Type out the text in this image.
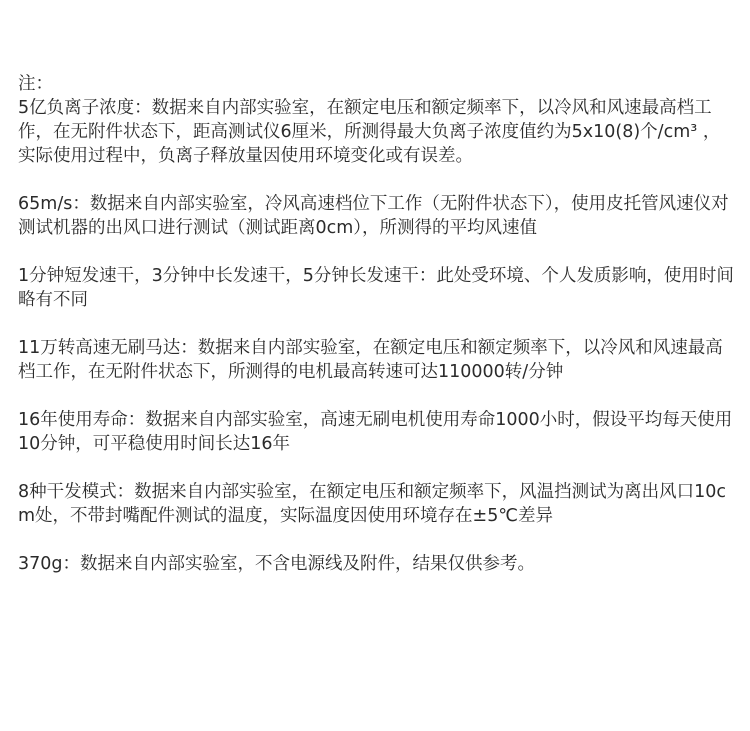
注：

5亿负离子浓度：数据来自内部实验室，在额定电压和额定频率下，以冷风和风速最高档工作，在无附件状态下，距高测试仪6厘米，所测得最大负离子浓度值约为5x10(8)个/cm³ ，实际使用过程中，负离子释放量因使用环境变化或有误差。

65m/s：数据来自内部实验室，冷风高速档位下工作（无附件状态下），使用皮托管风速仪对测试机器的出风口进行测试（测试距离0cm），所测得的平均风速值

1分钟短发速干，3分钟中长发速干，5分钟长发速干：此处受环境、个人发质影响，使用时间略有不同

11万转高速无刷马达：数据来自内部实验室，在额定电压和额定频率下，以冷风和风速最高档工作，在无附件状态下，所测得的电机最高转速可达110000转/分钟

16年使用寿命：数据来自内部实验室，高速无刷电机使用寿命1000小时，假设平均每天使用10分钟，可平稳使用时间长达16年

8种干发模式：数据来自内部实验室，在额定电压和额定频率下，风温挡测试为离出风口10cm处，不带封嘴配件测试的温度，实际温度因使用环境存在±5℃差异

370g：数据来自内部实验室，不含电源线及附件，结果仅供参考。
